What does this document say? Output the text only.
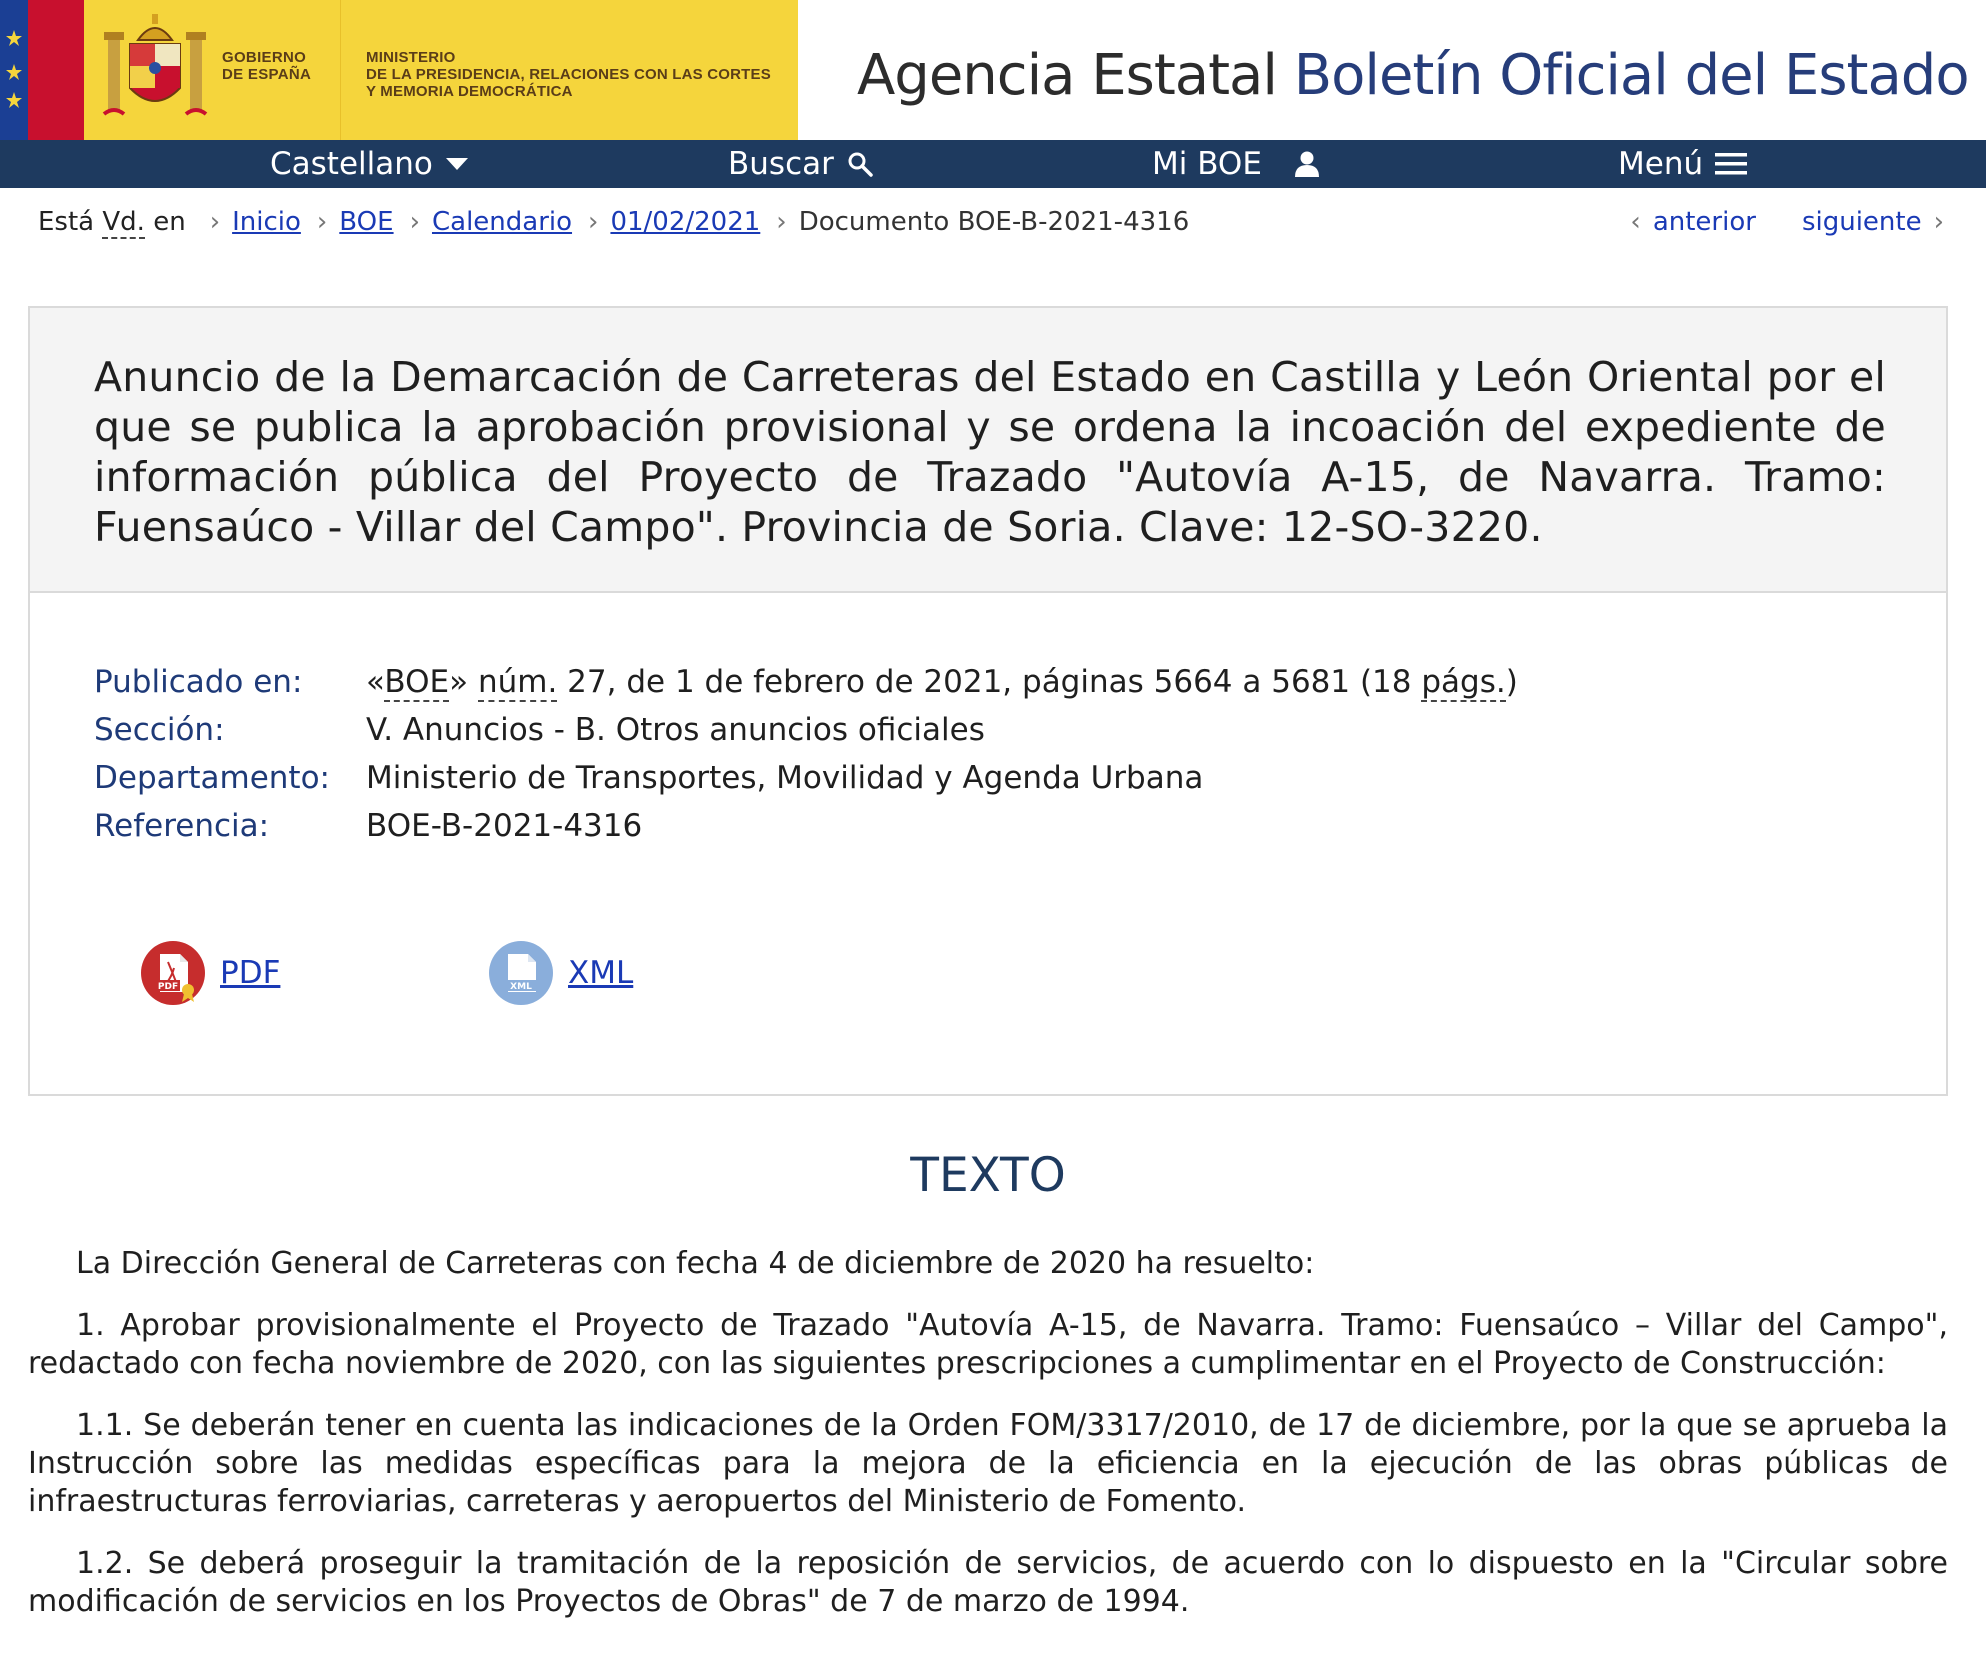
GOBIERNO
DE ESPAÑA
MINISTERIO
DE LA PRESIDENCIA, RELACIONES CON LAS CORTES
Y MEMORIA DEMOCRÁTICA	Agencia Estatal Boletín Oficial del Estado
Castellano	Buscar	Mi BOE	Menú
Está Vd. en › Inicio › BOE › Calendario › 01/02/2021 › Documento BOE-B-2021-4316	‹ anterior siguiente ›
Anuncio de la Demarcación de Carreteras del Estado en Castilla y León Oriental por el que se publica la aprobación provisional y se ordena la incoación del expediente de información pública del Proyecto de Trazado "Autovía A-15, de Navarra. Tramo: Fuensaúco - Villar del Campo". Provincia de Soria. Clave: 12-SO-3220.
Publicado en:	«BOE» núm. 27, de 1 de febrero de 2021, páginas 5664 a 5681 (18 págs.)
Sección:	V. Anuncios - B. Otros anuncios oficiales
Departamento:	Ministerio de Transportes, Movilidad y Agenda Urbana
Referencia:	BOE-B-2021-4316
PDF PDF	XML XML
TEXTO

La Dirección General de Carreteras con fecha 4 de diciembre de 2020 ha resuelto:

1. Aprobar provisionalmente el Proyecto de Trazado "Autovía A-15, de Navarra. Tramo: Fuensaúco – Villar del Campo", redactado con fecha noviembre de 2020, con las siguientes prescripciones a cumplimentar en el Proyecto de Construcción:

1.1. Se deberán tener en cuenta las indicaciones de la Orden FOM/3317/2010, de 17 de diciembre, por la que se aprueba la Instrucción sobre las medidas específicas para la mejora de la eficiencia en la ejecución de las obras públicas de infraestructuras ferroviarias, carreteras y aeropuertos del Ministerio de Fomento.

1.2. Se deberá proseguir la tramitación de la reposición de servicios, de acuerdo con lo dispuesto en la "Circular sobre modificación de servicios en los Proyectos de Obras" de 7 de marzo de 1994.
